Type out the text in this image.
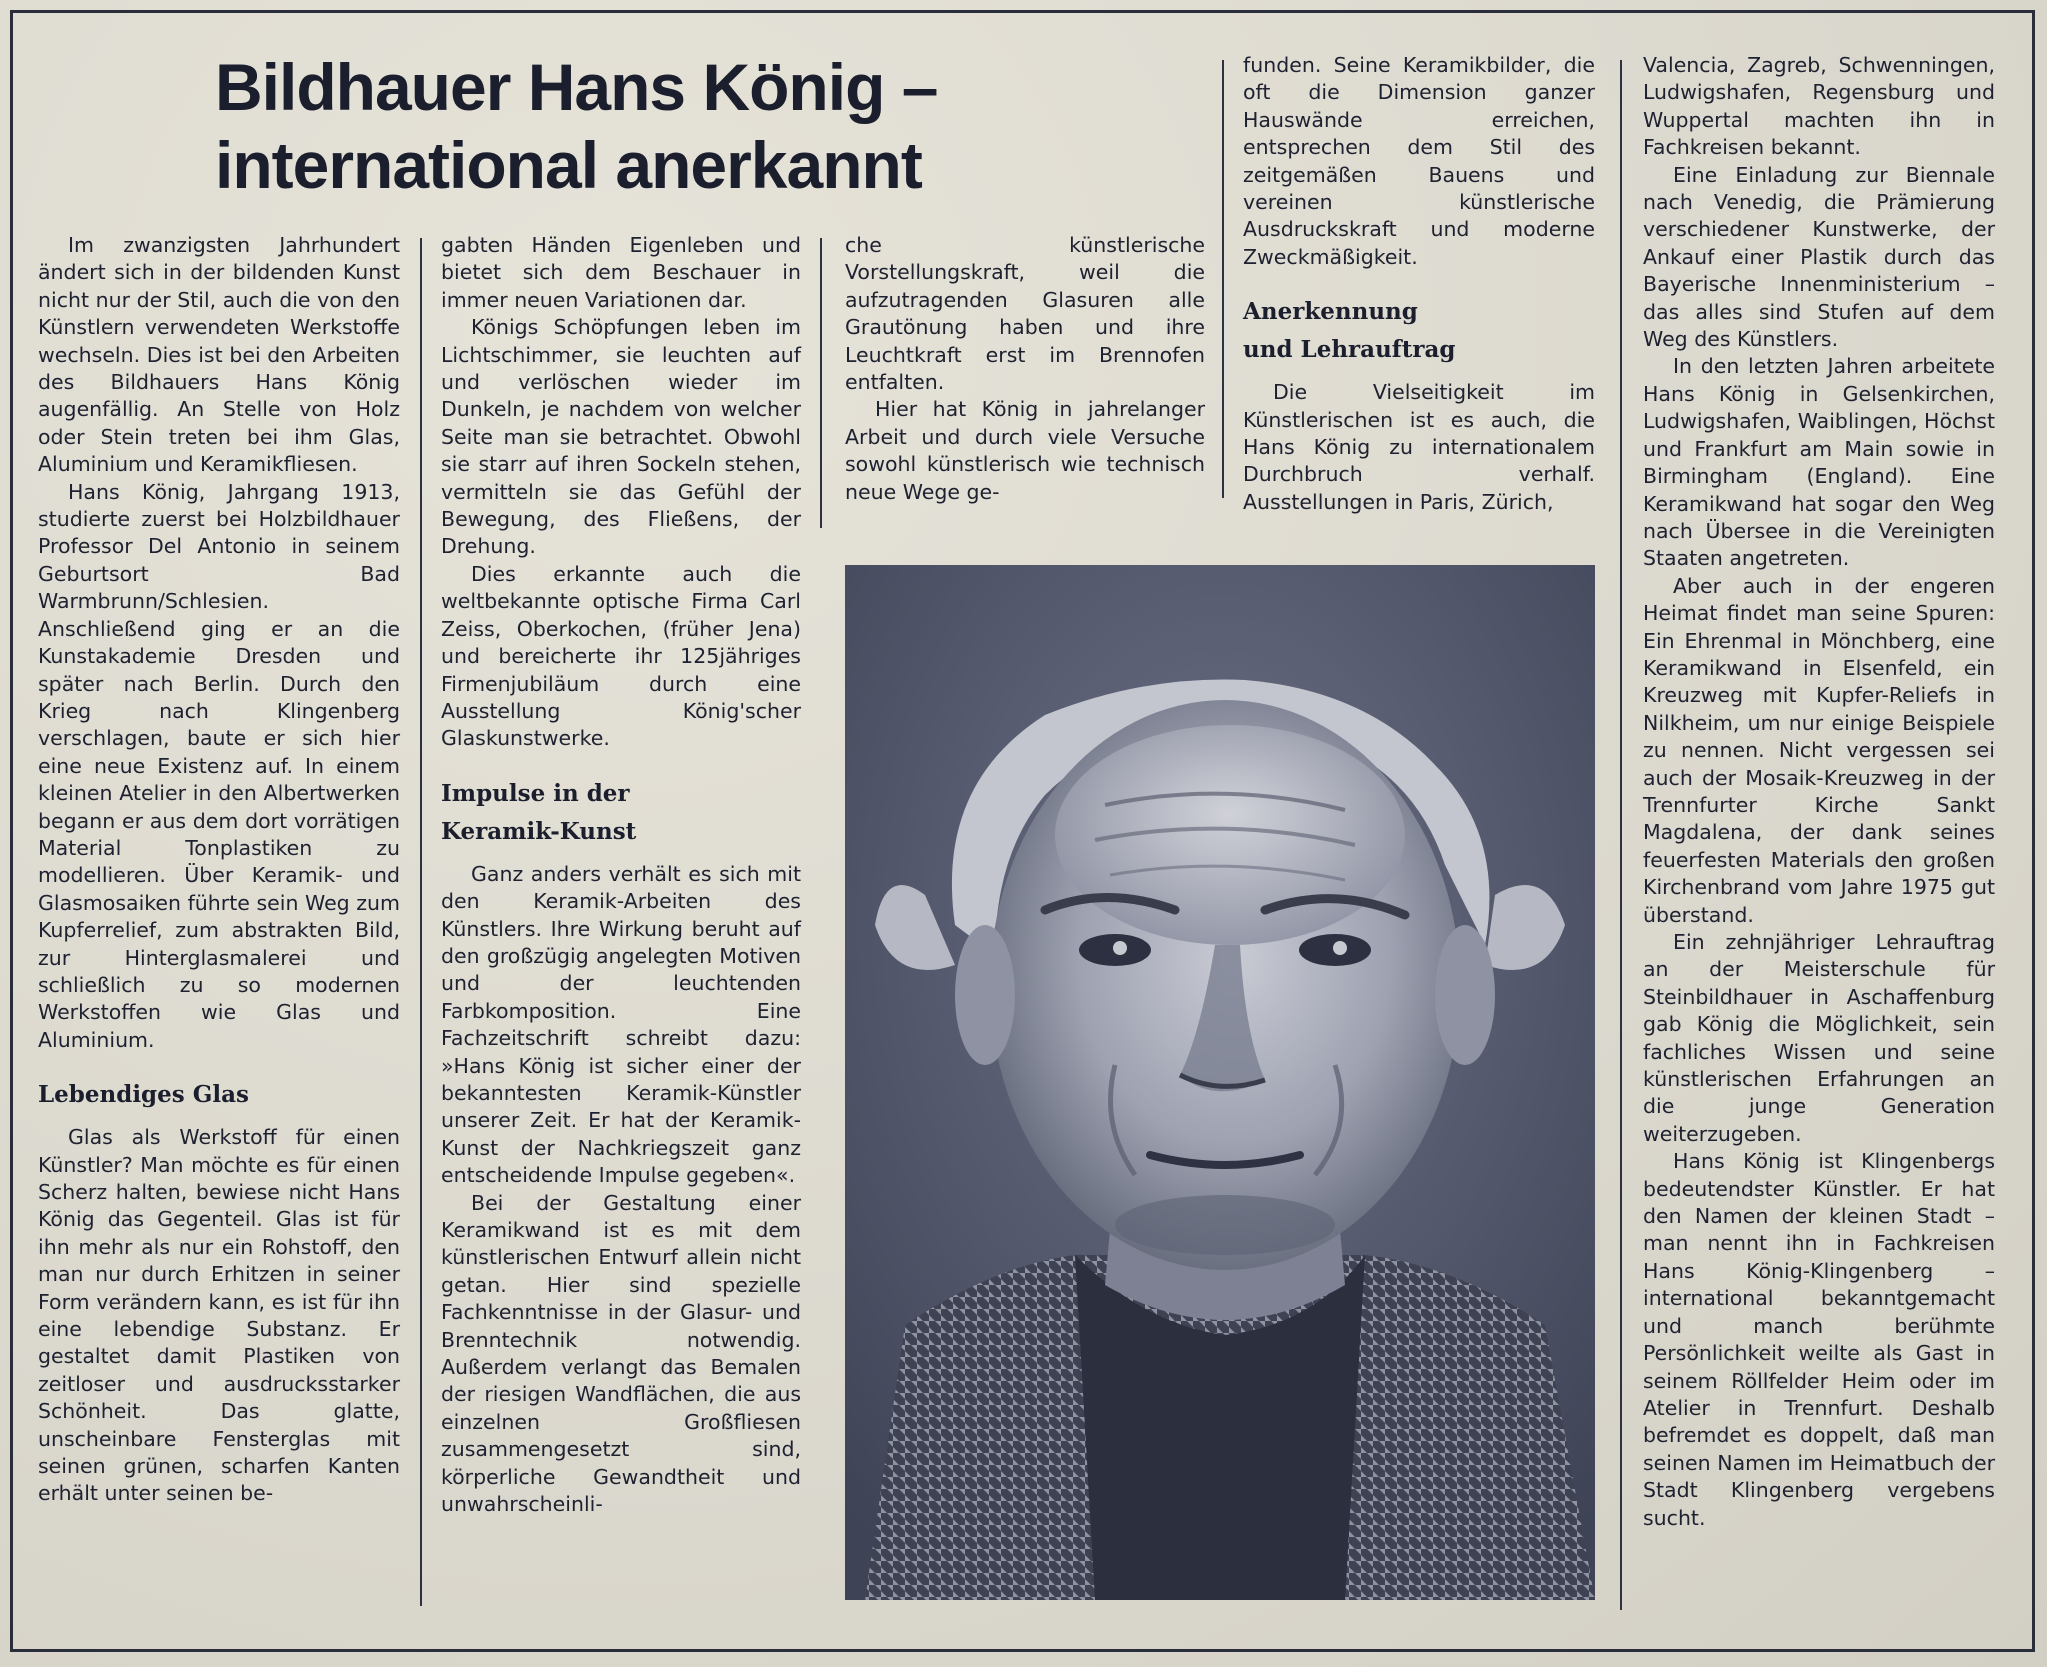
Bildhauer Hans König –
international anerkannt

Im zwanzigsten Jahrhundert ändert sich in der bildenden Kunst nicht nur der Stil, auch die von den Künstlern verwendeten Werkstoffe wechseln. Dies ist bei den Arbeiten des Bildhauers Hans König augenfällig. An Stelle von Holz oder Stein treten bei ihm Glas, Aluminium und Keramikfliesen.

Hans König, Jahrgang 1913, studierte zuerst bei Holzbildhauer Professor Del Antonio in seinem Geburtsort Bad Warmbrunn/Schlesien. Anschließend ging er an die Kunstakademie Dresden und später nach Berlin. Durch den Krieg nach Klingenberg verschlagen, baute er sich hier eine neue Existenz auf. In einem kleinen Atelier in den Albertwerken begann er aus dem dort vorrätigen Material Tonplastiken zu modellieren. Über Keramik- und Glasmosaiken führte sein Weg zum Kupferrelief, zum abstrakten Bild, zur Hinterglasmalerei und schließlich zu so modernen Werkstoffen wie Glas und Aluminium.

Lebendiges Glas

Glas als Werkstoff für einen Künstler? Man möchte es für einen Scherz halten, bewiese nicht Hans König das Gegenteil. Glas ist für ihn mehr als nur ein Rohstoff, den man nur durch Erhitzen in seiner Form verändern kann, es ist für ihn eine lebendige Substanz. Er gestaltet damit Plastiken von zeitloser und ausdrucksstarker Schönheit. Das glatte, unscheinbare Fensterglas mit seinen grünen, scharfen Kanten erhält unter seinen be-

gabten Händen Eigenleben und bietet sich dem Beschauer in immer neuen Variationen dar.

Königs Schöpfungen leben im Lichtschimmer, sie leuchten auf und verlöschen wieder im Dunkeln, je nachdem von welcher Seite man sie betrachtet. Obwohl sie starr auf ihren Sockeln stehen, vermitteln sie das Gefühl der Bewegung, des Fließens, der Drehung.

Dies erkannte auch die weltbekannte optische Firma Carl Zeiss, Oberkochen, (früher Jena) und bereicherte ihr 125jähriges Firmenjubiläum durch eine Ausstellung König'scher Glaskunstwerke.

Impulse in der
Keramik-Kunst

Ganz anders verhält es sich mit den Keramik-Arbeiten des Künstlers. Ihre Wirkung beruht auf den großzügig angelegten Motiven und der leuchtenden Farbkomposition. Eine Fachzeitschrift schreibt dazu: »Hans König ist sicher einer der bekanntesten Keramik-Künstler unserer Zeit. Er hat der Keramik-Kunst der Nachkriegszeit ganz entscheidende Impulse gegeben«.

Bei der Gestaltung einer Keramikwand ist es mit dem künstlerischen Entwurf allein nicht getan. Hier sind spezielle Fachkenntnisse in der Glasur- und Brenntechnik notwendig. Außerdem verlangt das Bemalen der riesigen Wandflächen, die aus einzelnen Großfliesen zusammengesetzt sind, körperliche Gewandtheit und unwahrscheinli-

che künstlerische Vorstellungskraft, weil die aufzutragenden Glasuren alle Grautönung haben und ihre Leuchtkraft erst im Brennofen entfalten.

Hier hat König in jahrelanger Arbeit und durch viele Versuche sowohl künstlerisch wie technisch neue Wege ge-

funden. Seine Keramikbilder, die oft die Dimension ganzer Hauswände erreichen, entsprechen dem Stil des zeitgemäßen Bauens und vereinen künstlerische Ausdruckskraft und moderne Zweckmäßigkeit.

Anerkennung
und Lehrauftrag

Die Vielseitigkeit im Künstlerischen ist es auch, die Hans König zu internationalem Durchbruch verhalf. Ausstellungen in Paris, Zürich,

Valencia, Zagreb, Schwenningen, Ludwigshafen, Regensburg und Wuppertal machten ihn in Fachkreisen bekannt.

Eine Einladung zur Biennale nach Venedig, die Prämierung verschiedener Kunstwerke, der Ankauf einer Plastik durch das Bayerische Innenministerium – das alles sind Stufen auf dem Weg des Künstlers.

In den letzten Jahren arbeitete Hans König in Gelsenkirchen, Ludwigshafen, Waiblingen, Höchst und Frankfurt am Main sowie in Birmingham (England). Eine Keramikwand hat sogar den Weg nach Übersee in die Vereinigten Staaten angetreten.

Aber auch in der engeren Heimat findet man seine Spuren: Ein Ehrenmal in Mönchberg, eine Keramikwand in Elsenfeld, ein Kreuzweg mit Kupfer-Reliefs in Nilkheim, um nur einige Beispiele zu nennen. Nicht vergessen sei auch der Mosaik-Kreuzweg in der Trennfurter Kirche Sankt Magdalena, der dank seines feuerfesten Materials den großen Kirchenbrand vom Jahre 1975 gut überstand.

Ein zehnjähriger Lehrauftrag an der Meisterschule für Steinbildhauer in Aschaffenburg gab König die Möglichkeit, sein fachliches Wissen und seine künstlerischen Erfahrungen an die junge Generation weiterzugeben.

Hans König ist Klingenbergs bedeutendster Künstler. Er hat den Namen der kleinen Stadt – man nennt ihn in Fachkreisen Hans König-Klingenberg – international bekanntgemacht und manch berühmte Persönlichkeit weilte als Gast in seinem Röllfelder Heim oder im Atelier in Trennfurt. Deshalb befremdet es doppelt, daß man seinen Namen im Heimatbuch der Stadt Klingenberg vergebens sucht.
